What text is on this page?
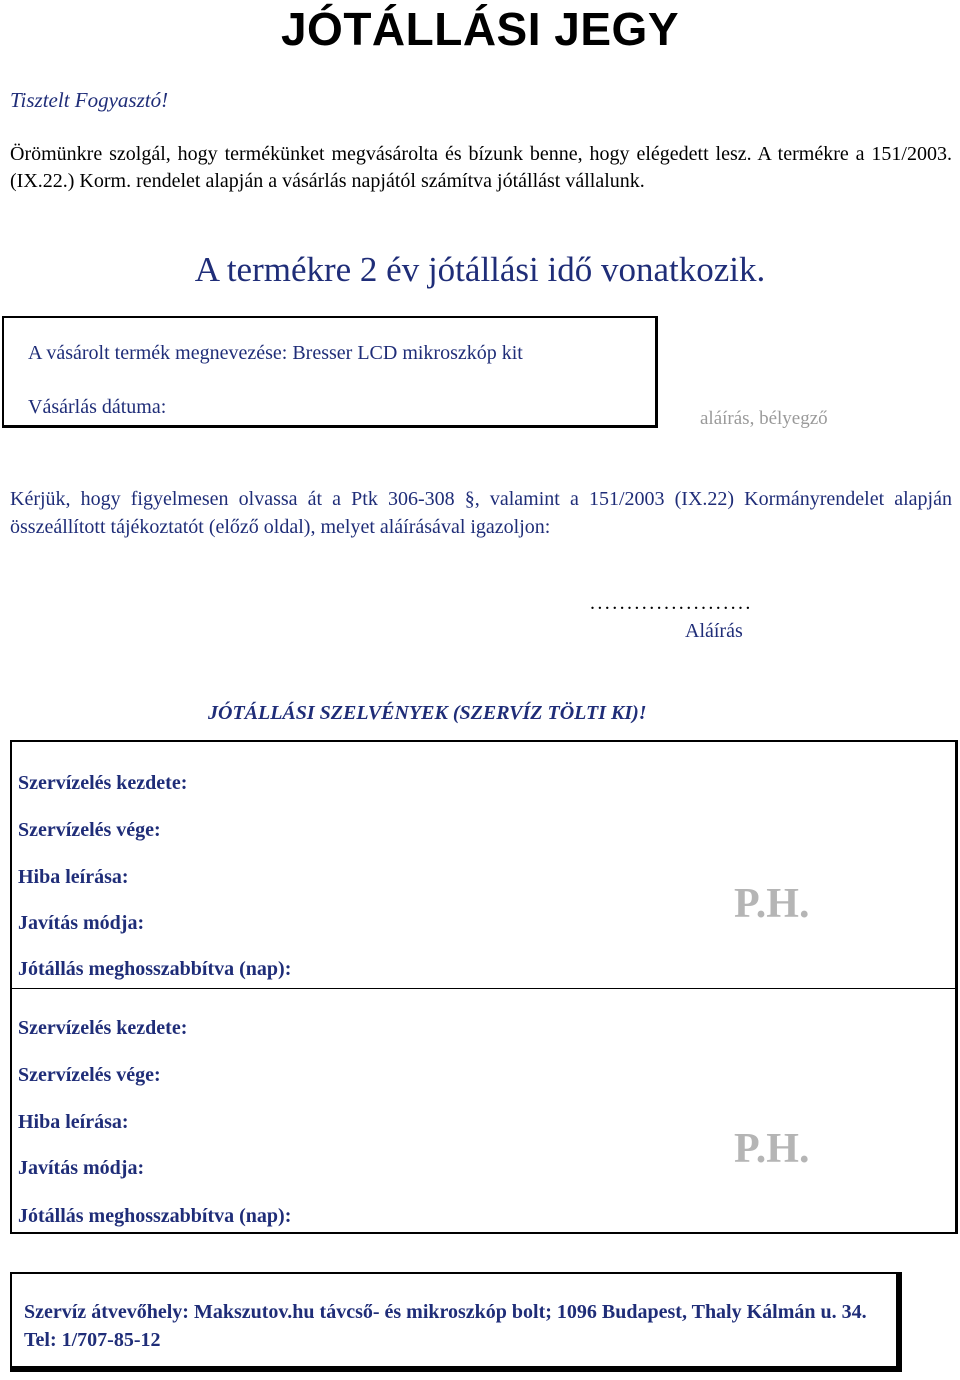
JÓTÁLLÁSI JEGY
Tisztelt Fogyasztó!
Örömünkre szolgál, hogy termékünket megvásárolta és bízunk benne, hogy elégedett lesz. A termékre a 151/2003.(IX.22.) Korm. rendelet alapján a vásárlás napjától számítva jótállást vállalunk.
A termékre 2 év jótállási idő vonatkozik.
A vásárolt termék megnevezése: Bresser LCD mikroszkóp kit
Vásárlás dátuma:
aláírás, bélyegző
Kérjük, hogy figyelmesen olvassa át a Ptk 306-308 §, valamint a 151/2003 (IX.22) Kormányrendelet alapján összeállított tájékoztatót (előző oldal), melyet aláírásával igazoljon:
......................
Aláírás
JÓTÁLLÁSI SZELVÉNYEK (SZERVÍZ TÖLTI KI)!
Szervízelés kezdete:
Szervízelés vége:
Hiba leírása:
Javítás módja:
Jótállás meghosszabbítva (nap):
P.H.
Szervízelés kezdete:
Szervízelés vége:
Hiba leírása:
Javítás módja:
Jótállás meghosszabbítva (nap):
P.H.
Szervíz átvevőhely: Makszutov.hu távcső- és mikroszkóp bolt; 1096 Budapest, Thaly Kálmán u. 34. Tel: 1/707-85-12
